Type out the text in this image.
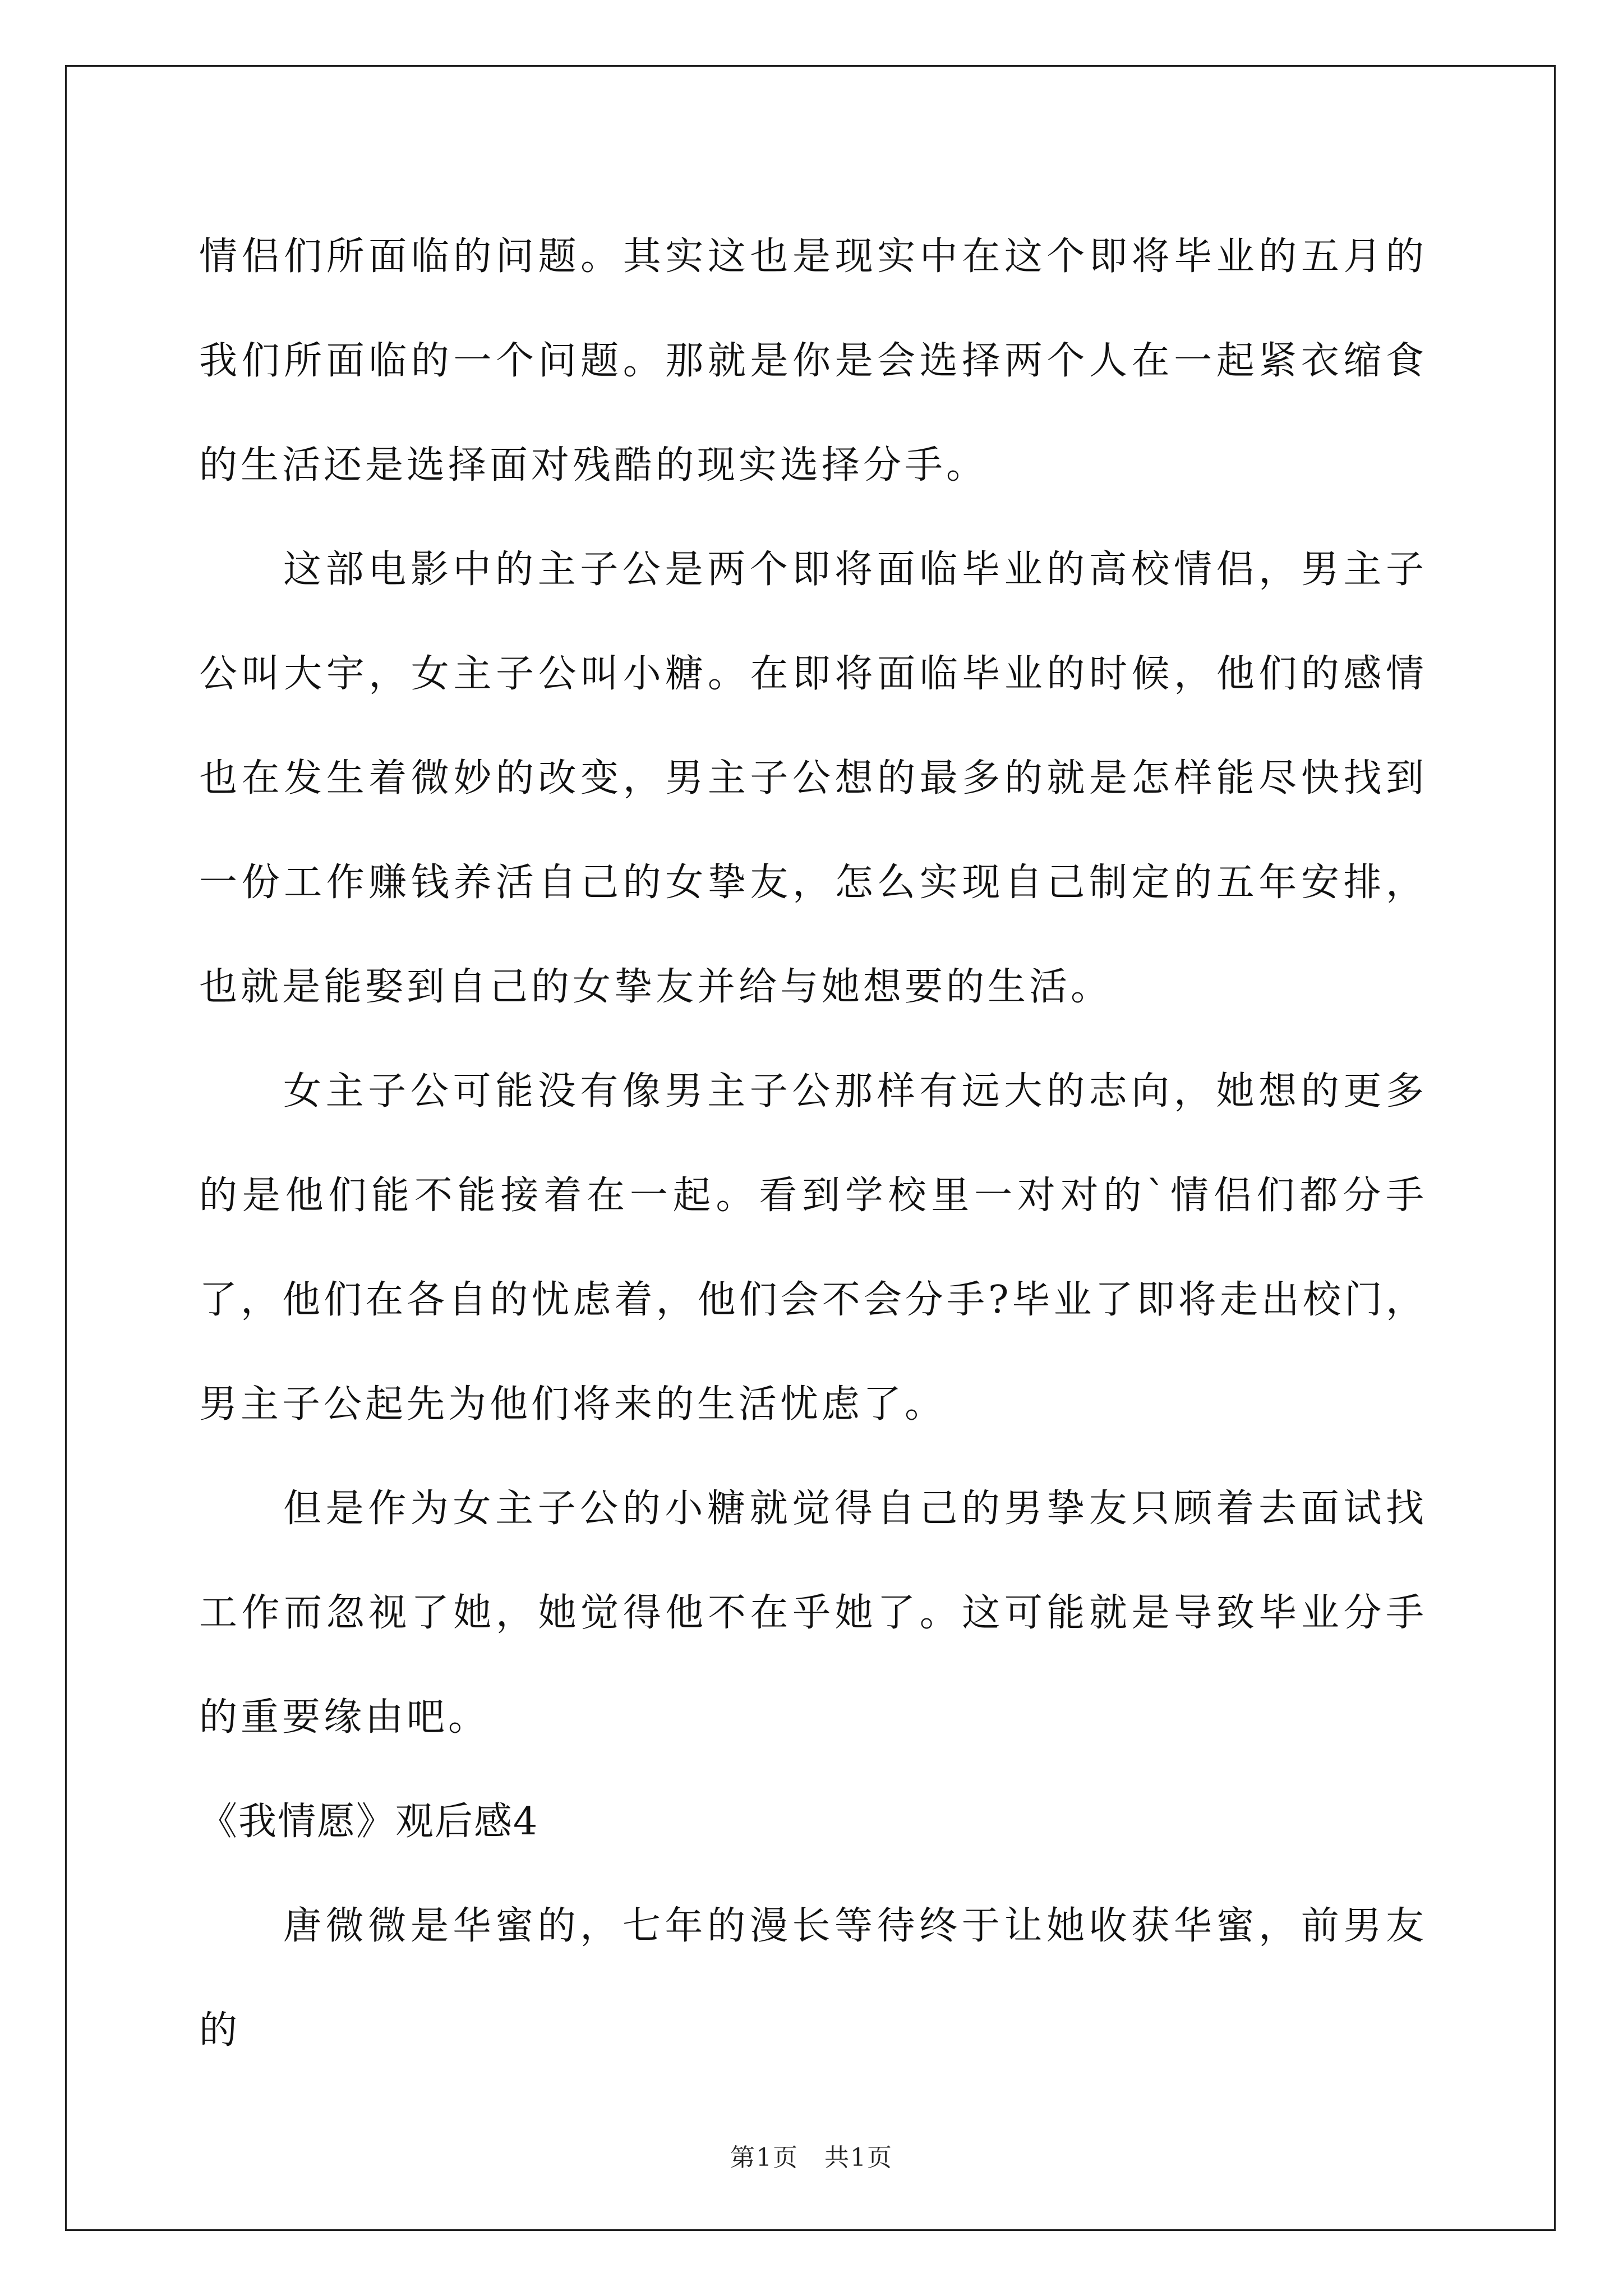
情侣们所面临的问题。其实这也是现实中在这个即将毕业的五月的我们所面临的一个问题。那就是你是会选择两个人在一起紧衣缩食的生活还是选择面对残酷的现实选择分手。

这部电影中的主子公是两个即将面临毕业的高校情侣，男主子公叫大宇，女主子公叫小糖。在即将面临毕业的时候，他们的感情也在发生着微妙的改变，男主子公想的最多的就是怎样能尽快找到一份工作赚钱养活自己的女挚友，怎么实现自己制定的五年安排，也就是能娶到自己的女挚友并给与她想要的生活。

女主子公可能没有像男主子公那样有远大的志向，她想的更多的是他们能不能接着在一起。看到学校里一对对的`情侣们都分手了，他们在各自的忧虑着，他们会不会分手?毕业了即将走出校门，男主子公起先为他们将来的生活忧虑了。

但是作为女主子公的小糖就觉得自己的男挚友只顾着去面试找工作而忽视了她，她觉得他不在乎她了。这可能就是导致毕业分手的重要缘由吧。

《我情愿》观后感4

唐微微是华蜜的，七年的漫长等待终于让她收获华蜜，前男友的

第1页　共1页
